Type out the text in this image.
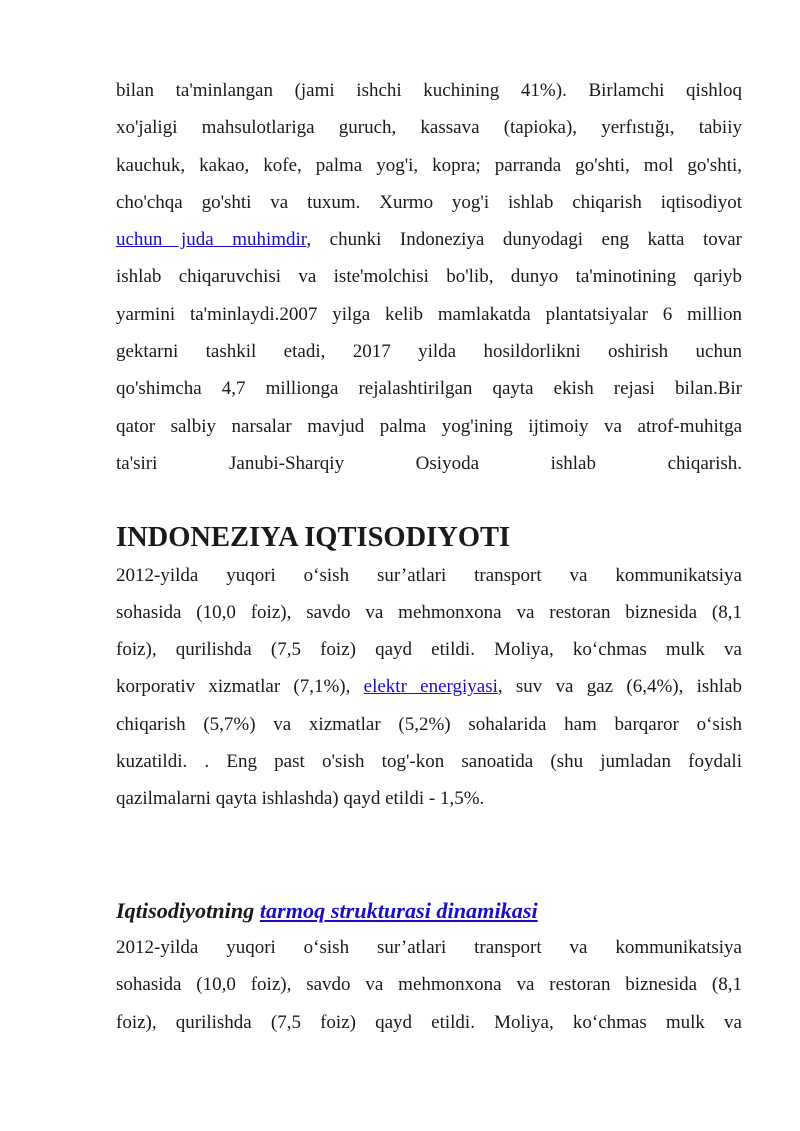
bilan ta'minlangan (jami ishchi kuchining 41%). Birlamchi qishloq

xo'jaligi mahsulotlariga guruch, kassava (tapioka), yerfıstığı, tabiiy

kauchuk, kakao, kofe, palma yog'i, kopra; parranda go'shti, mol go'shti,

cho'chqa go'shti va tuxum. Xurmo yog'i ishlab chiqarish iqtisodiyot

uchun juda muhimdir, chunki Indoneziya dunyodagi eng katta tovar

ishlab chiqaruvchisi va iste'molchisi bo'lib, dunyo ta'minotining qariyb

yarmini ta'minlaydi.2007 yilga kelib mamlakatda plantatsiyalar 6 million

gektarni tashkil etadi, 2017 yilda hosildorlikni oshirish uchun

qo'shimcha 4,7 millionga rejalashtirilgan qayta ekish rejasi bilan.Bir

qator salbiy narsalar mavjud palma yog'ining ijtimoiy va atrof-muhitga

ta'siri Janubi-Sharqiy Osiyoda ishlab chiqarish.

INDONEZIYA IQTISODIYOTI

2012-yilda yuqori o‘sish sur’atlari transport va kommunikatsiya

sohasida (10,0 foiz), savdo va mehmonxona va restoran biznesida (8,1

foiz), qurilishda (7,5 foiz) qayd etildi. Moliya, ko‘chmas mulk va

korporativ xizmatlar (7,1%), elektr energiyasi, suv va gaz (6,4%), ishlab

chiqarish (5,7%) va xizmatlar (5,2%) sohalarida ham barqaror o‘sish

kuzatildi. . Eng past o'sish tog'-kon sanoatida (shu jumladan foydali

qazilmalarni qayta ishlashda) qayd etildi - 1,5%.

Iqtisodiyotning tarmoq strukturasi dinamikasi

2012-yilda yuqori o‘sish sur’atlari transport va kommunikatsiya

sohasida (10,0 foiz), savdo va mehmonxona va restoran biznesida (8,1

foiz), qurilishda (7,5 foiz) qayd etildi. Moliya, ko‘chmas mulk va
